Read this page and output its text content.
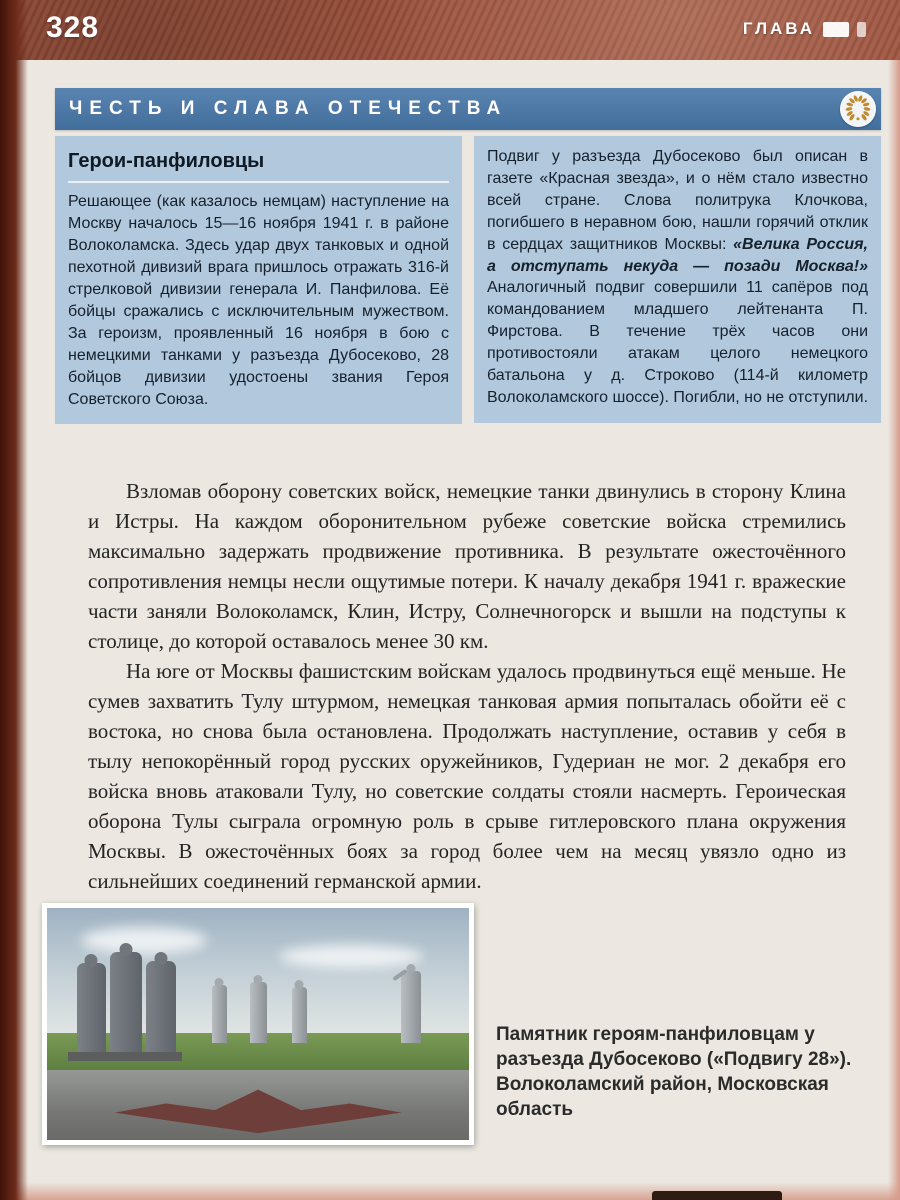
328	ГЛАВА
ЧЕСТЬ И СЛАВА ОТЕЧЕСТВА
Герои-панфиловцы

Решающее (как казалось немцам) наступление на Москву началось 15—16 ноября 1941 г. в районе Волоколамска. Здесь удар двух танковых и одной пехотной дивизий врага пришлось отражать 316-й стрелковой дивизии генерала И. Панфилова. Её бойцы сражались с исключительным мужеством. За героизм, проявленный 16 ноября в бою с немецкими танками у разъезда Дубосеково, 28 бойцов дивизии удостоены звания Героя Советского Союза.

Подвиг у разъезда Дубосеково был описан в газете «Красная звезда», и о нём стало известно всей стране. Слова политрука Клочкова, погибшего в неравном бою, нашли горячий отклик в сердцах защитников Москвы: «Велика Россия, а отступать некуда — позади Москва!» Аналогичный подвиг совершили 11 сапёров под командованием младшего лейтенанта П. Фирстова. В течение трёх часов они противостояли атакам целого немецкого батальона у д. Строково (114-й километр Волоколамского шоссе). Погибли, но не отступили.

Взломав оборону советских войск, немецкие танки двинулись в сторону Клина и Истры. На каждом оборонительном рубеже советские войска стремились максимально задержать продвижение противника. В результате ожесточённого сопротивления немцы несли ощутимые потери. К началу декабря 1941 г. вражеские части заняли Волоколамск, Клин, Истру, Солнечногорск и вышли на подступы к столице, до которой оставалось менее 30 км.

На юге от Москвы фашистским войскам удалось продвинуться ещё меньше. Не сумев захватить Тулу штурмом, немецкая танковая армия попыталась обойти её с востока, но снова была остановлена. Продолжать наступление, оставив у себя в тылу непокорённый город русских оружейников, Гудериан не мог. 2 декабря его войска вновь атаковали Тулу, но советские солдаты стояли насмерть. Героическая оборона Тулы сыграла огромную роль в срыве гитлеровского плана окружения Москвы. В ожесточённых боях за город более чем на месяц увязло одно из сильнейших соединений германской армии.

Памятник героям-панфиловцам у разъезда Дубосеково («Подвигу 28»). Волоколамский район, Московская область
